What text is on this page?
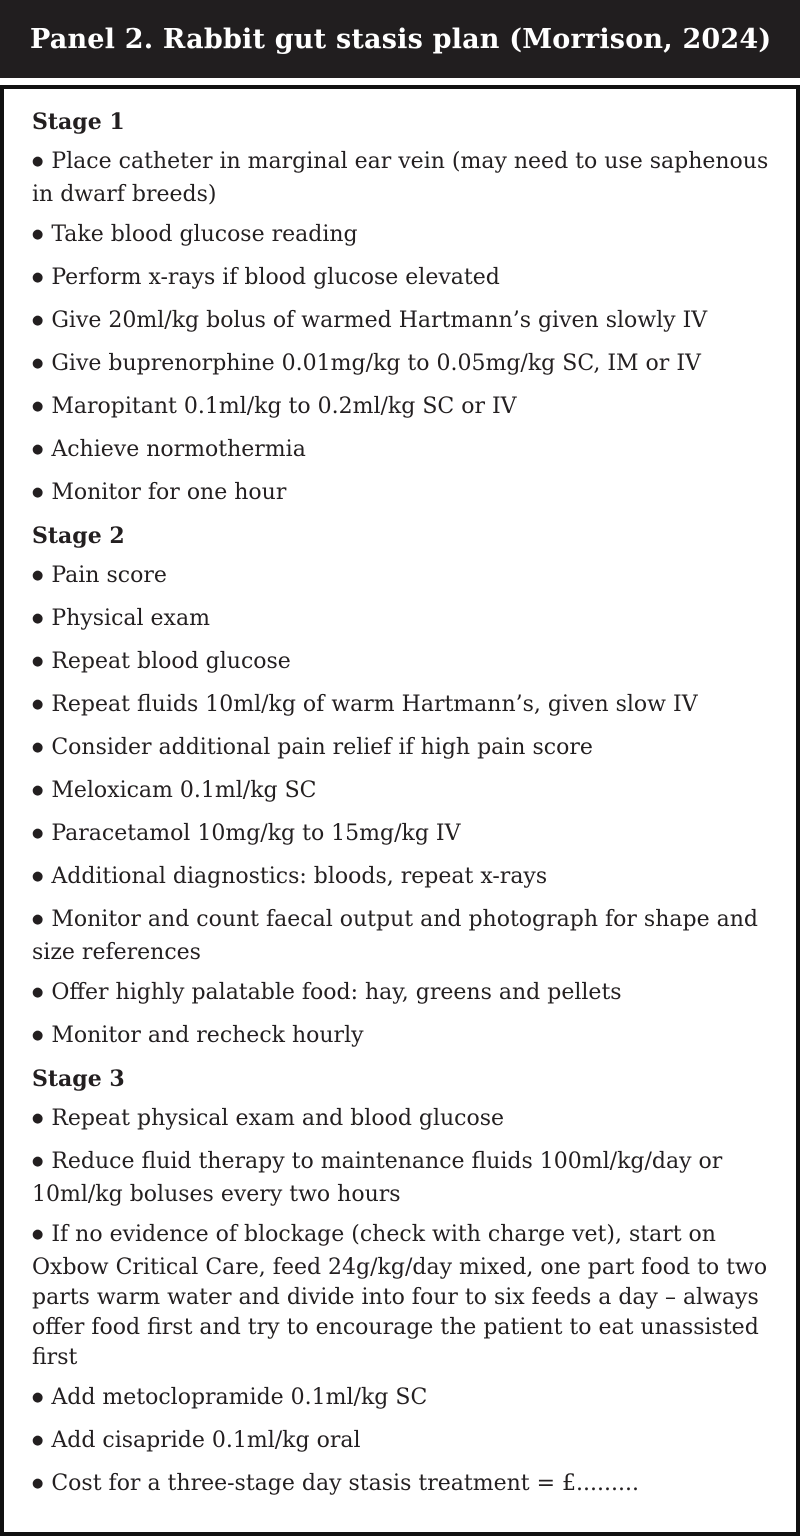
Panel 2. Rabbit gut stasis plan (Morrison, 2024)

Stage 1

● Place catheter in marginal ear vein (may need to use saphenous in dwarf breeds)

● Take blood glucose reading

● Perform x-rays if blood glucose elevated

● Give 20ml/kg bolus of warmed Hartmann’s given slowly IV

● Give buprenorphine 0.01mg/kg to 0.05mg/kg SC, IM or IV

● Maropitant 0.1ml/kg to 0.2ml/kg SC or IV

● Achieve normothermia

● Monitor for one hour

Stage 2

● Pain score

● Physical exam

● Repeat blood glucose

● Repeat fluids 10ml/kg of warm Hartmann’s, given slow IV

● Consider additional pain relief if high pain score

● Meloxicam 0.1ml/kg SC

● Paracetamol 10mg/kg to 15mg/kg IV

● Additional diagnostics: bloods, repeat x-rays

● Monitor and count faecal output and photograph for shape and size references

● Offer highly palatable food: hay, greens and pellets

● Monitor and recheck hourly

Stage 3

● Repeat physical exam and blood glucose

● Reduce fluid therapy to maintenance fluids 100ml/kg/day or 10ml/kg boluses every two hours

● If no evidence of blockage (check with charge vet), start on Oxbow Critical Care, feed 24g/kg/day mixed, one part food to two parts warm water and divide into four to six feeds a day – always offer food first and try to encourage the patient to eat unassisted first

● Add metoclopramide 0.1ml/kg SC

● Add cisapride 0.1ml/kg oral

● Cost for a three-stage day stasis treatment = £.........
